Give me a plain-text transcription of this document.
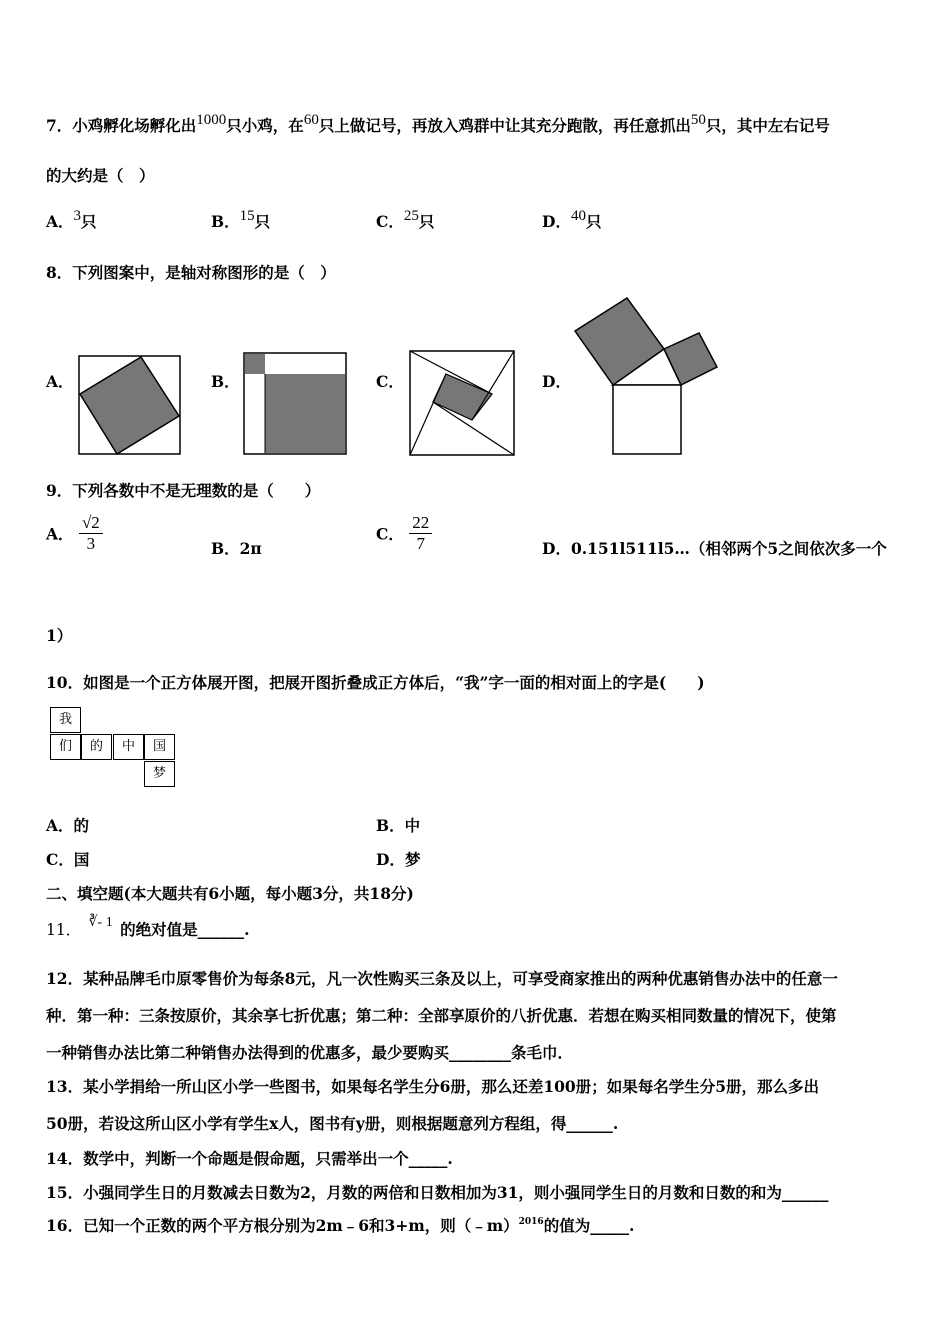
7．小鸡孵化场孵化出1000只小鸡，在60只上做记号，再放入鸡群中让其充分跑散，再任意抓出50只，其中左右记号
的大约是（　）
A．3只	B．15只	C．25只	D．40只
8．下列图案中，是轴对称图形的是（　）
A．	B．	C．	D．
9．下列各数中不是无理数的是（　　）
A． $\frac{√2}{3}$	B．2π
C． $\frac{22}{7}$	D．0.151l511l5…（相邻两个5之间依次多一个
1）
10．如图是一个正方体展开图，把展开图折叠成正方体后，“我”字一面的相对面上的字是(　　)
我
们	的	中	国
梦
A．的	B．中
C．国	D．梦
二、填空题(本大题共有6小题，每小题3分，共18分)
11． ∛- 1 的绝对值是______.
12．某种品牌毛巾原零售价为每条8元，凡一次性购买三条及以上，可享受商家推出的两种优惠销售办法中的任意一
种．第一种：三条按原价，其余享七折优惠；第二种：全部享原价的八折优惠．若想在购买相同数量的情况下，使第
一种销售办法比第二种销售办法得到的优惠多，最少要购买________条毛巾．
13．某小学捐给一所山区小学一些图书，如果每名学生分6册，那么还差100册；如果每名学生分5册，那么多出
50册，若设这所山区小学有学生x人，图书有y册，则根据题意列方程组，得______.
14．数学中，判断一个命题是假命题，只需举出一个_____.
15．小强同学生日的月数减去日数为2，月数的两倍和日数相加为31，则小强同学生日的月数和日数的和为______
16．已知一个正数的两个平方根分别为2m﹣6和3+m，则（﹣m）$^{2016}$的值为_____.
